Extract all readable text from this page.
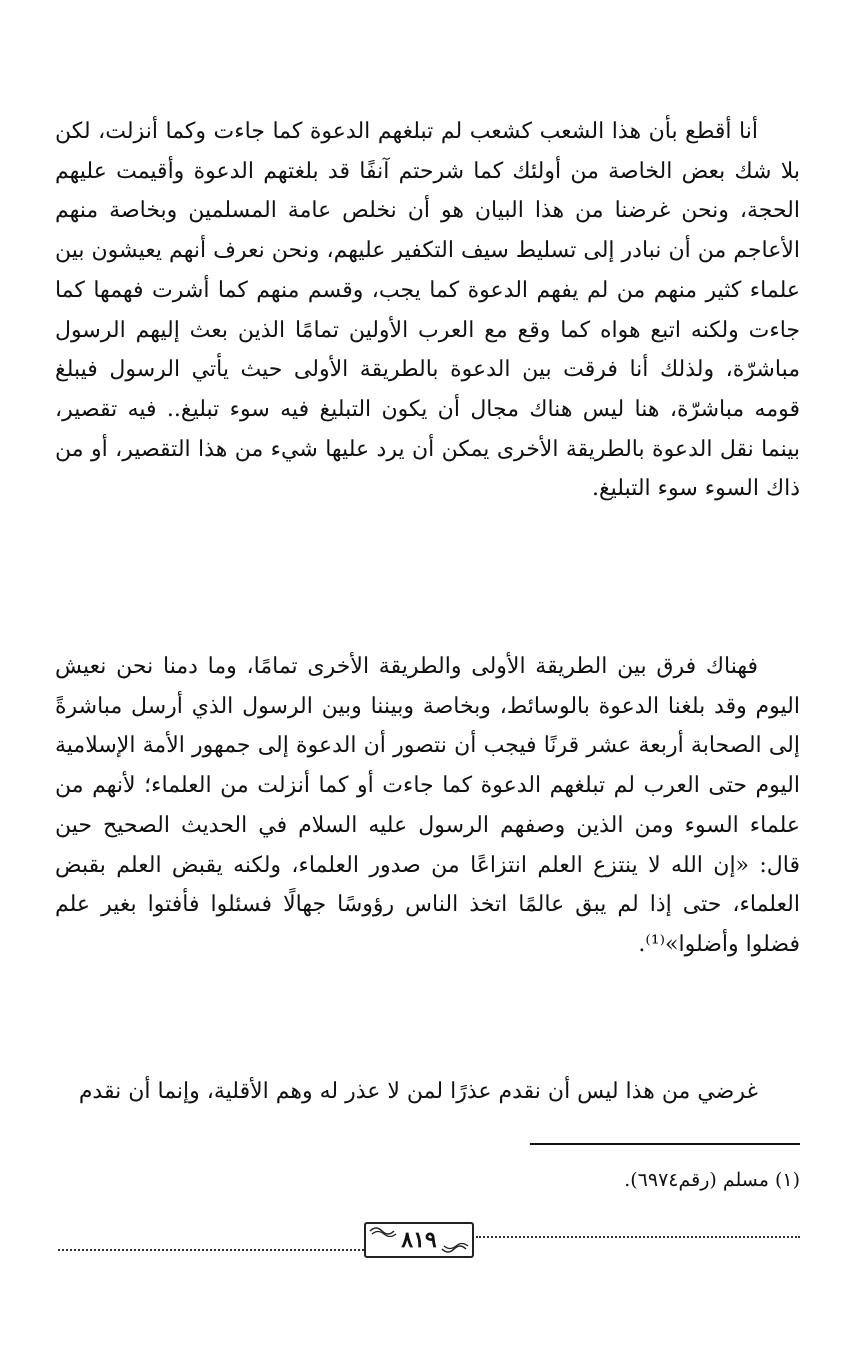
أنا أقطع بأن هذا الشعب كشعب لم تبلغهم الدعوة كما جاءت وكما أنزلت، لكن بلا شك بعض الخاصة من أولئك كما شرحتم آنفًا قد بلغتهم الدعوة وأقيمت عليهم الحجة، ونحن غرضنا من هذا البيان هو أن نخلص عامة المسلمين وبخاصة منهم الأعاجم من أن نبادر إلى تسليط سيف التكفير عليهم، ونحن نعرف أنهم يعيشون بين علماء كثير منهم من لم يفهم الدعوة كما يجب، وقسم منهم كما أشرت فهمها كما جاءت ولكنه اتبع هواه كما وقع مع العرب الأولين تمامًا الذين بعث إليهم الرسول مباشرّة، ولذلك أنا فرقت بين الدعوة بالطريقة الأولى حيث يأتي الرسول فيبلغ قومه مباشرّة، هنا ليس هناك مجال أن يكون التبليغ فيه سوء تبليغ.. فيه تقصير، بينما نقل الدعوة بالطريقة الأخرى يمكن أن يرد عليها شيء من هذا التقصير، أو من ذاك السوء سوء التبليغ.

فهناك فرق بين الطريقة الأولى والطريقة الأخرى تمامًا، وما دمنا نحن نعيش اليوم وقد بلغنا الدعوة بالوسائط، وبخاصة وبيننا وبين الرسول الذي أرسل مباشرةً إلى الصحابة أربعة عشر قرنًا فيجب أن نتصور أن الدعوة إلى جمهور الأمة الإسلامية اليوم حتى العرب لم تبلغهم الدعوة كما جاءت أو كما أنزلت من العلماء؛ لأنهم من علماء السوء ومن الذين وصفهم الرسول عليه السلام في الحديث الصحيح حين قال: «إن الله لا ينتزع العلم انتزاعًا من صدور العلماء، ولكنه يقبض العلم بقبض العلماء، حتى إذا لم يبق عالمًا اتخذ الناس رؤوسًا جهالًا فسئلوا فأفتوا بغير علم فضلوا وأضلوا»⁽¹⁾.

غرضي من هذا ليس أن نقدم عذرًا لمن لا عذر له وهم الأقلية، وإنما أن نقدم

(١) مسلم (رقم٦٩٧٤).
٨١٩
